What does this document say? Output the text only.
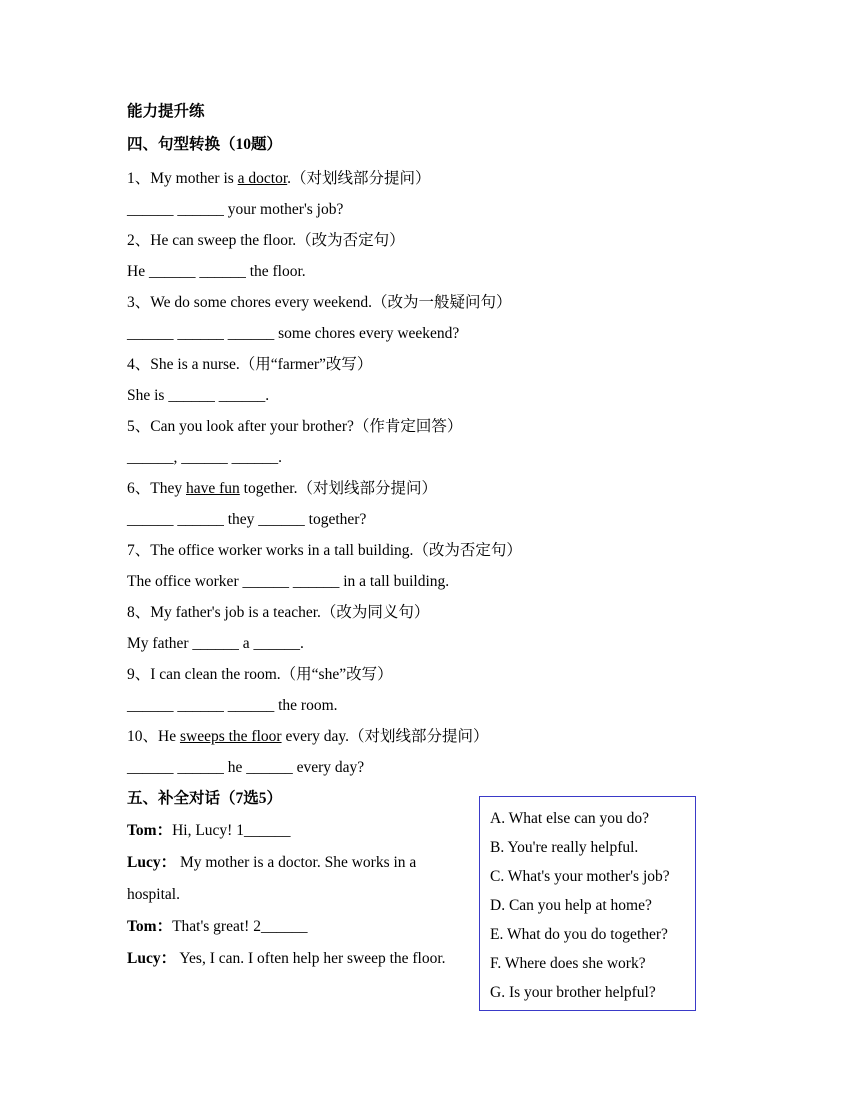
能力提升练
四、句型转换（10题）
1、My mother is a doctor.（对划线部分提问）
______ ______ your mother's job?
2、He can sweep the floor.（改为否定句）
He ______ ______ the floor.
3、We do some chores every weekend.（改为一般疑问句）
______ ______ ______ some chores every weekend?
4、She is a nurse.（用“farmer”改写）
She is ______ ______.
5、Can you look after your brother?（作肯定回答）
______, ______ ______.
6、They have fun together.（对划线部分提问）
______ ______ they ______ together?
7、The office worker works in a tall building.（改为否定句）
The office worker ______ ______ in a tall building.
8、My father's job is a teacher.（改为同义句）
My father ______ a ______.
9、I can clean the room.（用“she”改写）
______ ______ ______ the room.
10、He sweeps the floor every day.（对划线部分提问）
______ ______ he ______ every day?
五、补全对话（7选5）

Tom：Hi, Lucy! 1______

Lucy： My mother is a doctor. She works in a hospital.

Tom：That's great! 2______

Lucy： Yes, I can. I often help her sweep the floor.

A. What else can you do?
B. You're really helpful.
C. What's your mother's job?
D. Can you help at home?
E. What do you do together?
F. Where does she work?
G. Is your brother helpful?
